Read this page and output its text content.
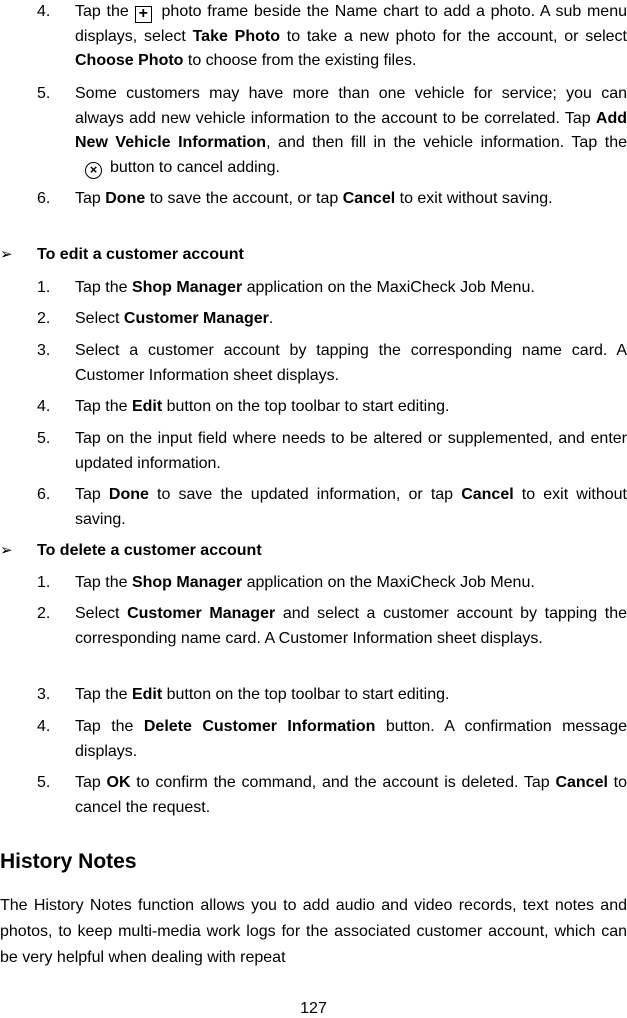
4. Tap the + photo frame beside the Name chart to add a photo. A sub menu displays, select Take Photo to take a new photo for the account, or select Choose Photo to choose from the existing files.
5. Some customers may have more than one vehicle for service; you can always add new vehicle information to the account to be correlated. Tap Add New Vehicle Information, and then fill in the vehicle information. Tap the× button to cancel adding.
6. Tap Done to save the account, or tap Cancel to exit without saving.
➢ To edit a customer account
1. Tap the Shop Manager application on the MaxiCheck Job Menu.
2. Select Customer Manager.
3. Select a customer account by tapping the corresponding name card. A Customer Information sheet displays.
4. Tap the Edit button on the top toolbar to start editing.
5. Tap on the input field where needs to be altered or supplemented, and enter updated information.
6. Tap Done to save the updated information, or tap Cancel to exit without saving.
➢ To delete a customer account
1. Tap the Shop Manager application on the MaxiCheck Job Menu.
2. Select Customer Manager and select a customer account by tapping the corresponding name card. A Customer Information sheet displays.
3. Tap the Edit button on the top toolbar to start editing.
4. Tap the Delete Customer Information button. A confirmation message displays.
5. Tap OK to confirm the command, and the account is deleted. Tap Cancel to cancel the request.
History Notes
The History Notes function allows you to add audio and video records, text notes and photos, to keep multi-media work logs for the associated customer account, which can be very helpful when dealing with repeat
127
